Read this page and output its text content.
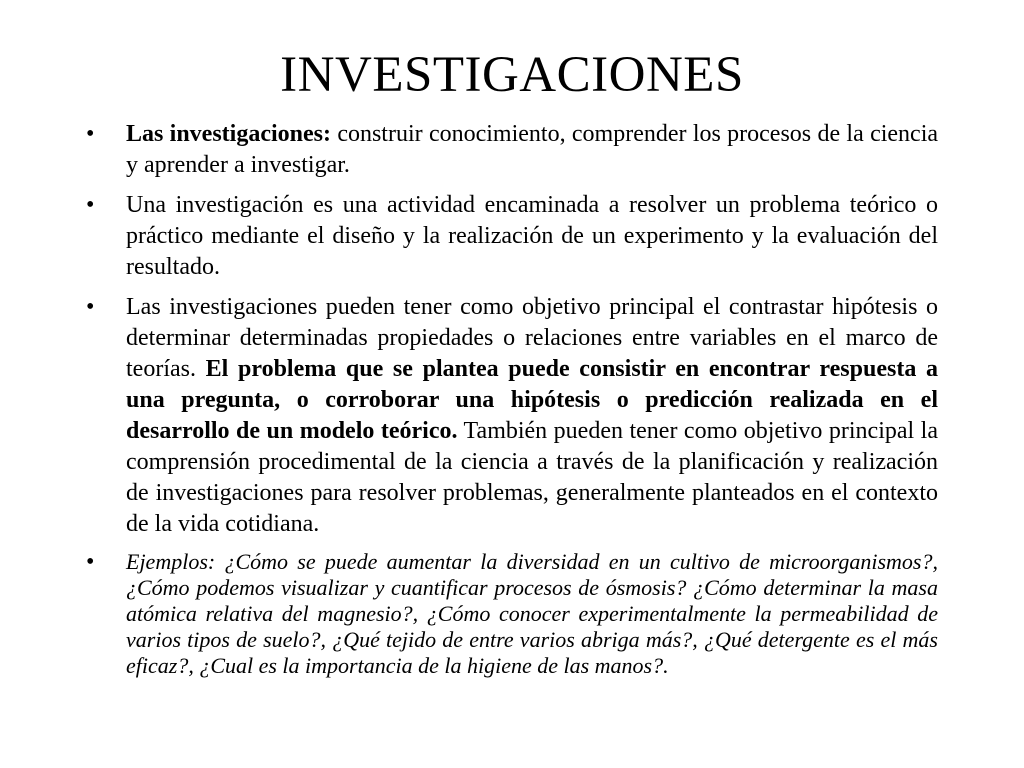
INVESTIGACIONES
•	Las investigaciones: construir conocimiento, comprender los procesos de la ciencia y aprender a investigar.
•	Una investigación es una actividad encaminada a resolver un problema teórico o práctico mediante el diseño y la realización de un experimento y la evaluación del resultado.
•	Las investigaciones pueden tener como objetivo principal el contrastar hipótesis o determinar determinadas propiedades o relaciones entre variables en el marco de teorías. El problema que se plantea puede consistir en encontrar respuesta a una pregunta, o corroborar una hipótesis o predicción realizada en el desarrollo de un modelo teórico. También pueden tener como objetivo principal la comprensión procedimental de la ciencia a través de la planificación y realización de investigaciones para resolver problemas, generalmente planteados en el contexto de la vida cotidiana.
•	Ejemplos: ¿Cómo se puede aumentar la diversidad en un cultivo de microorganismos?, ¿Cómo podemos visualizar y cuantificar procesos de ósmosis? ¿Cómo determinar la masa atómica relativa del magnesio?, ¿Cómo conocer experimentalmente la permeabilidad de varios tipos de suelo?, ¿Qué tejido de entre varios abriga más?, ¿Qué detergente es el más eficaz?, ¿Cual es la importancia de la higiene de las manos?.
